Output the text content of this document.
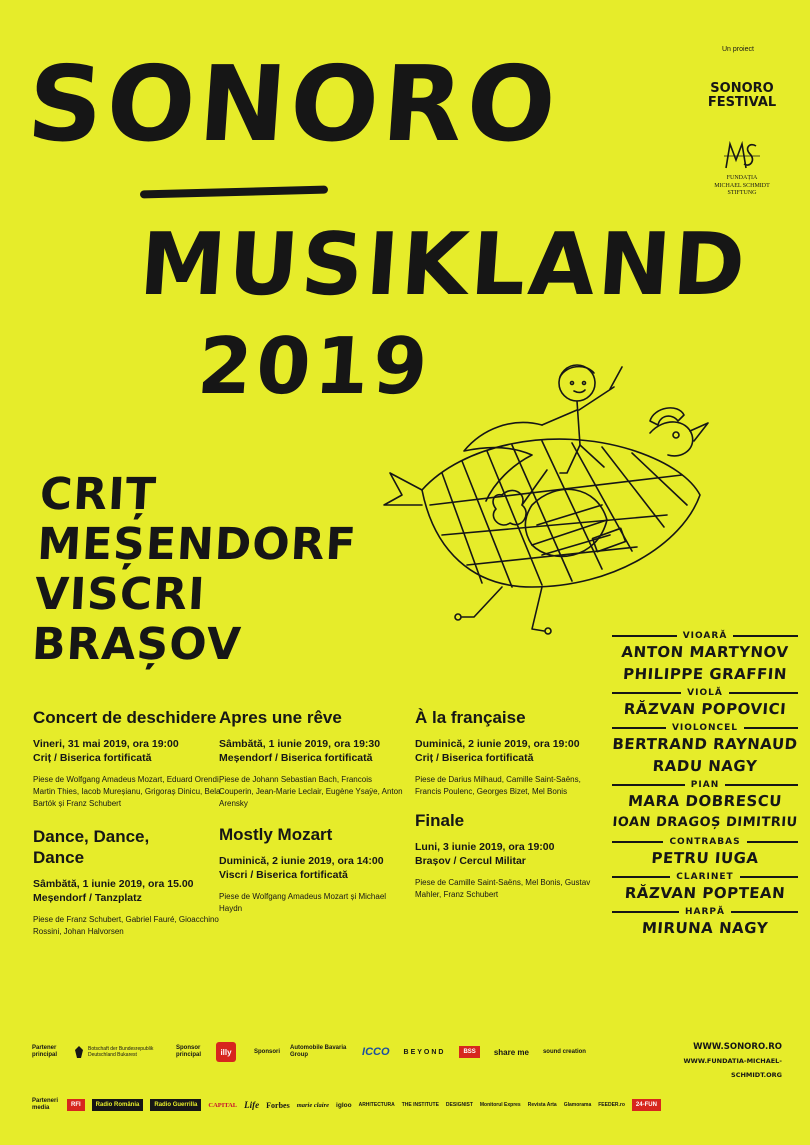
SONORO
MUSIKLAND
2019
Un proiect
SONORO
FESTIVAL
FUNDAȚIA
MICHAEL SCHMIDT
STIFTUNG
CRIȚ
MEȘENDORF
VISCRI
BRAȘOV
Concert de deschidere
Vineri, 31 mai 2019, ora 19:00
Criț / Biserica fortificată
Piese de Wolfgang Amadeus Mozart, Eduard Orendi, Martin Thies, Iacob Mureșianu, Grigoraș Dinicu, Bela Bartók și Franz Schubert
Dance, Dance, Dance
Sâmbătă, 1 iunie 2019, ora 15.00
Meșendorf / Tanzplatz
Piese de Franz Schubert, Gabriel Fauré, Gioacchino Rossini, Johan Halvorsen
Apres une rêve
Sâmbătă, 1 iunie 2019, ora 19:30
Meșendorf / Biserica fortificată
Piese de Johann Sebastian Bach, Francois Couperin, Jean-Marie Leclair, Eugène Ysaÿe, Anton Arensky
Mostly Mozart
Duminică, 2 iunie 2019, ora 14:00
Viscri / Biserica fortificată
Piese de Wolfgang Amadeus Mozart și Michael Haydn
À la française
Duminică, 2 iunie 2019, ora 19:00
Criț / Biserica fortificată
Piese de Darius Milhaud, Camille Saint-Saëns, Francis Poulenc, Georges Bizet, Mel Bonis
Finale
Luni, 3 iunie 2019, ora 19:00
Brașov / Cercul Militar
Piese de Camille Saint-Saëns, Mel Bonis, Gustav Mahler, Franz Schubert
VIOARĂ
ANTON MARTYNOV
PHILIPPE GRAFFIN
VIOLĂ
RĂZVAN POPOVICI
VIOLONCEL
BERTRAND RAYNAUD
RADU NAGY
PIAN
MARA DOBRESCU
IOAN DRAGOȘ DIMITRIU
CONTRABAS
PETRU IUGA
CLARINET
RĂZVAN POPTEAN
HARPĂ
MIRUNA NAGY
Partener principal
Botschaft der Bundesrepublik Deutschland Bukarest
Sponsor principal	illy	Sponsori
Automobile Bavaria Group	ICCO BEYOND	BSS	share me sound creation	WWW.SONORO.RO
WWW.FUNDATIA-MICHAEL-SCHMIDT.ORG
Parteneri media	RFI	Radio România	Radio Guerrilla	CAPITAL Life Forbes marie claire igloo ARHITECTURA THE INSTITUTE DESIGNIST Monitorul Expres Revista Arta Glamorama FEEDER.ro	24-FUN
